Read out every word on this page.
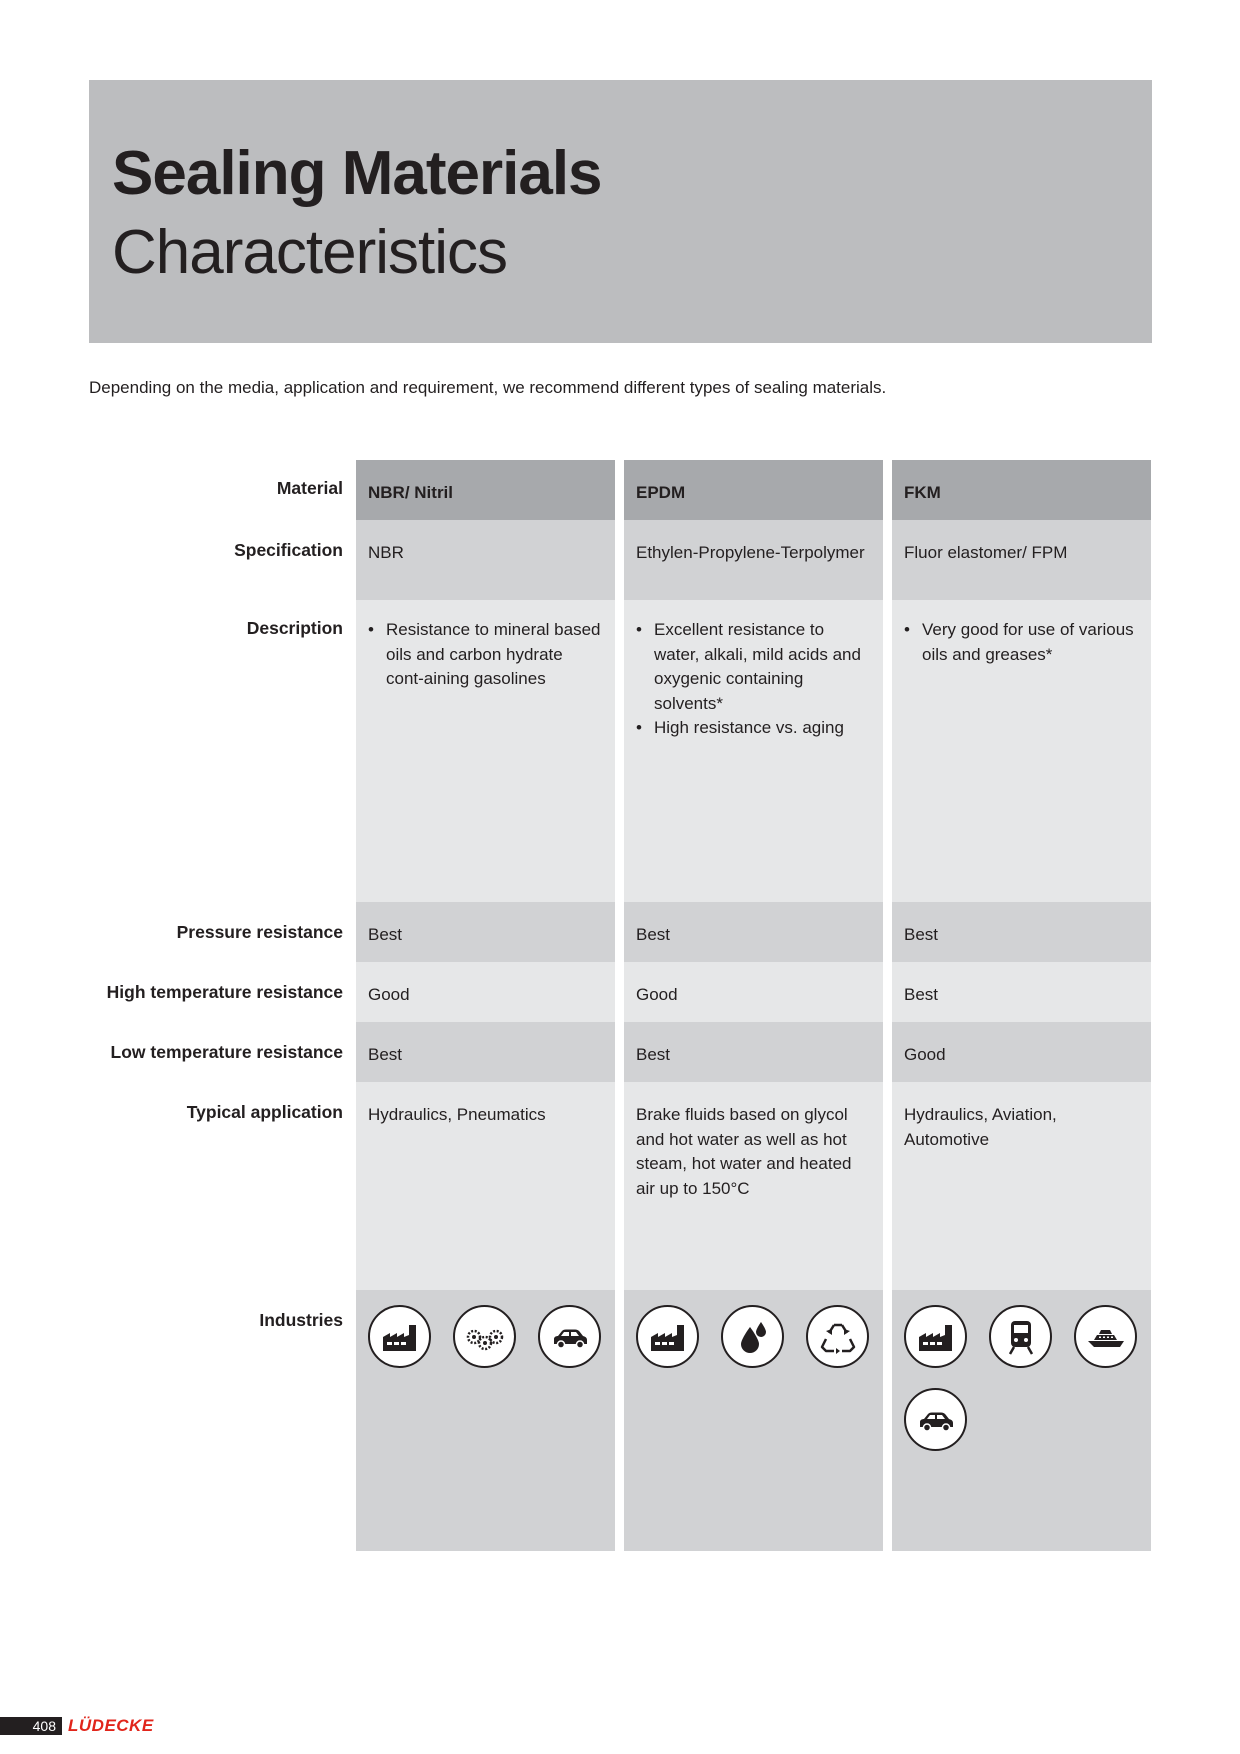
Sealing Materials
Characteristics
Depending on the media, application and requirement, we recommend different types of sealing materials.
Material
Specification
Description
Pressure resistance
High temperature resistance
Low temperature resistance
Typical application
Industries
NBR/ Nitril
NBR
• Resistance to mineral based oils and carbon hydrate cont-aining gasolines
Best
Good
Best
Hydraulics, Pneumatics
EPDM
Ethylen-Propylene-Terpolymer
• Excellent resistance to water, alkali, mild acids and oxygenic containing solvents*
• High resistance vs. aging
Best
Good
Best
Brake fluids based on glycol and hot water as well as hot steam, hot water and heated air up to 150°C
FKM
Fluor elastomer/ FPM
• Very good for use of various oils and greases*
Best
Best
Good
Hydraulics, Aviation, Automotive
408 LÜDECKE
